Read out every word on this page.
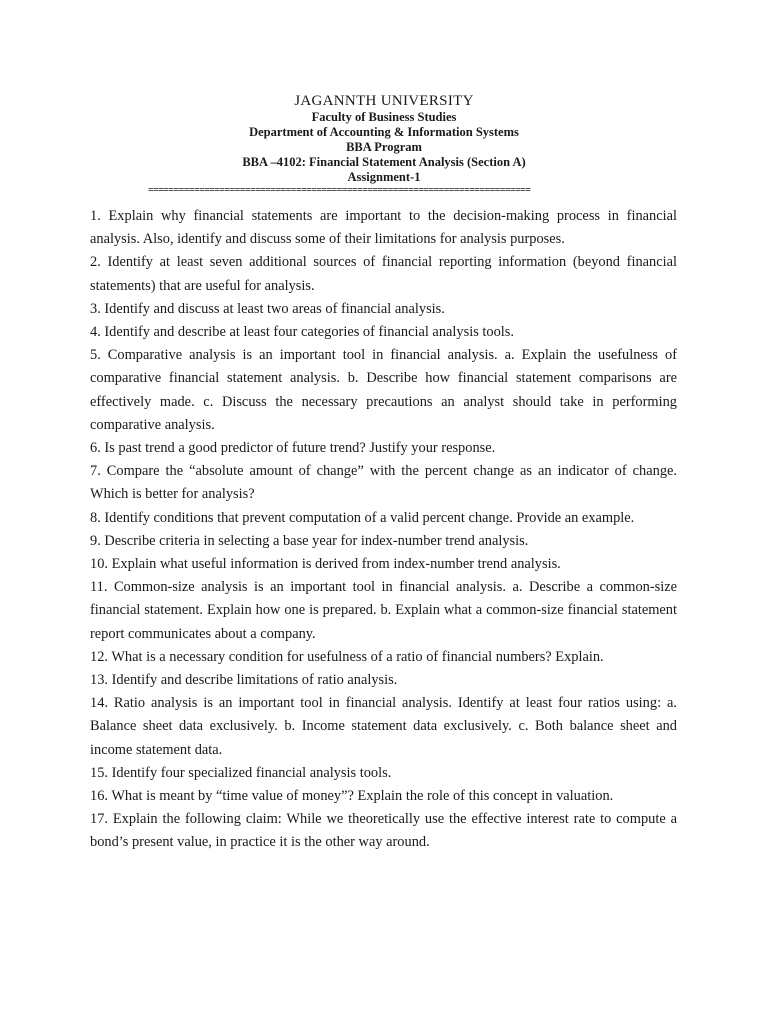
JAGANNTH UNIVERSITY
Faculty of Business Studies
Department of Accounting & Information Systems
BBA Program
BBA –4102: Financial Statement Analysis (Section A)
Assignment-1
===========================================================================

1. Explain why financial statements are important to the decision-making process in financial analysis. Also, identify and discuss some of their limitations for analysis purposes.

2. Identify at least seven additional sources of financial reporting information (beyond financial statements) that are useful for analysis.

3. Identify and discuss at least two areas of financial analysis.

4. Identify and describe at least four categories of financial analysis tools.

5. Comparative analysis is an important tool in financial analysis. a. Explain the usefulness of comparative financial statement analysis. b. Describe how financial statement comparisons are effectively made. c. Discuss the necessary precautions an analyst should take in performing comparative analysis.

6. Is past trend a good predictor of future trend? Justify your response.

7. Compare the “absolute amount of change” with the percent change as an indicator of change. Which is better for analysis?

8. Identify conditions that prevent computation of a valid percent change. Provide an example.

9. Describe criteria in selecting a base year for index-number trend analysis.

10. Explain what useful information is derived from index-number trend analysis.

11. Common-size analysis is an important tool in financial analysis. a. Describe a common-size financial statement. Explain how one is prepared. b. Explain what a common-size financial statement report communicates about a company.

12. What is a necessary condition for usefulness of a ratio of financial numbers? Explain.

13. Identify and describe limitations of ratio analysis.

14. Ratio analysis is an important tool in financial analysis. Identify at least four ratios using: a. Balance sheet data exclusively. b. Income statement data exclusively. c. Both balance sheet and income statement data.

15. Identify four specialized financial analysis tools.

16. What is meant by “time value of money”? Explain the role of this concept in valuation.

17. Explain the following claim: While we theoretically use the effective interest rate to compute a bond’s present value, in practice it is the other way around.
